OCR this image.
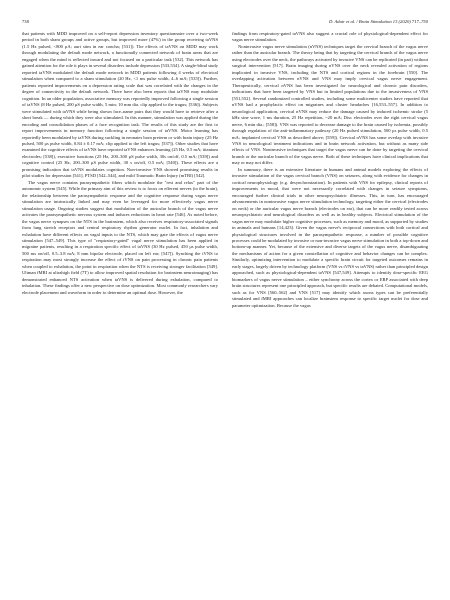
738	D. Adair et al. / Brain Stimulation 13 (2020) 717–750

that patients with MDD improved on a self-report depression inventory questionnaire over a two-week period in both sham groups and active groups, but improved more (47%) in the group receiving taVNS (1.5 Hz pulsed, <800 μA; auri stim in ear concha; [531]). The effects of taVNS on MDD may work through modulating the default mode network, a functionally connected network of brain areas that are engaged when the mind is reflected inward and not focused on a particular task [532]. This network has gained attention for the role it plays in several disorders include depression [533,534]. A single-blind study reported taVNS modulated the default mode network in MDD patients following 4 weeks of electrical stimulation when compared to a sham stimulation (20 Hz, <1 ms pulse width, 4–6 mA; [535]). Further, patients reported improvements on a depression rating scale that was correlated with the changes in the degree of connectivity in the default network. There have also been reports that taVNS may modulate cognition. In an older population, associative memory was reportedly improved following a single session of taVNS (8 Hz pulsed, 200 μS pulse width, 5 min; 10 mm dia. clip applied to the tragus; [536]). Subjects were stimulated with taVNS while being shown face–name pairs that they would have to retrieve after a short break — during which they were also stimulated. In this manner, stimulation was applied during the encoding and consolidation phases of a face recognition task. The results of this study are the first to report improvements in memory function following a single session of taVNS. Motor learning has reportedly been modulated by taVNS during suckling in neonates born preterm or with brain injury (25 Hz pulsed, 500 μs pulse width, 0.84 ± 0.17 mA; clip applied to the left tragus; [537]). Other studies that have examined the cognitive effects of taVNS have reported taVNS enhances learning (25 Hz, 0.5 mA; titanium electrodes; [538]), executive functions (25 Hz, 200–300 μS pulse width, 30s on/off, 0.5 mA; [539]) and cognitive control (25 Hz, 200–300 μS pulse width, 30 s on/off, 0.5 mA; [540]). These effects are a promising indication that taVNS modulates cognition. Non-invasive VNS showed promising results in pilot studies for depression [541], PTSD [542–544], and mild Traumatic Brain Injury (mTBI) [542].

The vagus nerve contains parasympathetic fibers which modulate the "rest and relax" part of the autonomic system [545]. While the primary aim of this review is to focus on efferent nerves (to the brain), the relationship between the parasympathetic response and the cognitive response during vagus nerve stimulation are intrinsically linked and may even be leveraged for more effectively vagus nerve stimulation usage. Ongoing studies suggest that modulation of the auricular branch of the vagus nerve activates the parasympathetic nervous system and induces reductions in heart rate [546]. As noted before, the vagus nerve synapses on the NTS in the brainstem, which also receives respiratory-associated signals from lung stretch receptors and central respiratory rhythm generator nuclei. In fact, inhalation and exhalation have different effects on vagal inputs to the NTS, which may gate the effects of vagus nerve stimulation [547–549]. This type of "respiratory-gated" vagal nerve stimulation has been applied in migraine patients, resulting in a respiration specific effect of taVNS (30 Hz pulsed, 450 μs pulse width, 500 ms on/off, 0.5–3.8 mA; 8 mm bipolar electrode, placed on left ear; [547]). Synching the tVNS to respiration may most strongly increase the effect of tVNS on pain processing in chronic pain patients when coupled to exhalation, the point in respiration when the NTS is receiving stronger facilitation [549]. Ultman fMRI at ultrahigh field (7T) to allow improved spatial resolution for brainstem neuroimaging) has demonstrated enhanced NTS activation when taVNS is delivered during exhalation, compared to inhalation. These findings offer a new perspective on dose optimization. Most commonly researchers vary electrode placement and waveform in order to determine an optimal dose. However, the

findings from respiratory-gated taVNS also suggest a crucial role of physiological-dependent effect for vagus nerve stimulation.

Noninvasive vagus nerve stimulation (nVNS) techniques target the cervical branch of the vagus nerve rather than the auricular branch. The theory being that by targeting the cervical branch of the vagus nerve using electrodes over the neck, the pathways activated by invasive VNS can be replicated (in part) without surgical intervention [517]. Brain imaging during nVNS over the neck revealed activation of regions implicated in invasive VNS, including the NTS and cortical regions in the forebrain [550]. The overlapping activation between nVNS and VNS may imply cervical vagus nerve engagement. Therapeutically, cervical nVNS has been investigated for neurological and chronic pain disorders, indications that have been targeted by VNS but in limited populations due to the invasiveness of VNS [551,552]. Several randomized controlled studies, including some multicenter studies have reported that nVNS had a prophylactic effect on migraines and cluster headaches [16,553–557]. In addition to neurological application, cervical nVNS may reduce the damage caused by induced ischemic stroke (5 kHz sine wave, 1 ms duration, 25 Hz repetition, ~20 mA; Disc electrodes over the right cervical vagus nerve, 6 min dia.; [558]). VNS was reported to decrease damage to the brain caused by ischemia, possibly through regulation of the anti-inflammatory pathway (20 Hz pulsed stimulation, 500 μs pulse width, 0.5 mA; implanted cervical VNS as described above; [559]). Cervical nVNS has some overlap with invasive VNS in neurological treatment indications and in brain network activation, but without as many side effects of VNS. Noninvasive techniques that target the vagus nerve can be done by targeting the cervical branch or the auricular branch of the vagus nerve. Both of these techniques have clinical implications that may or may not differ.

In summary, there is an extensive literature in humans and animal models exploring the effects of invasive stimulation of the vagus cervical branch (VNS) on seizures, along with evidence for changes in cortical neurophysiology (e.g. desynchronization). In patients with VNS for epilepsy, clinical reports of improvements in mood, that were not necessarily correlated with changes in seizure symptoms, encouraged further clinical trials in other neuropsychiatric illnesses. This, in turn, has encouraged advancements in noninvasive vagus nerve stimulation technology, targeting either the cervical (electrodes on neck) or the auricular vagus nerve branch (electrodes on ear), that can be more readily tested across neuropsychiatric and neurological disorders as well as in healthy subjects. Electrical stimulation of the vagus nerve may modulate higher cognitive processes, such as memory and mood, as supported by studies in animals and humans [14,423]. Given the vagus nerve's reciprocal connections with both cortical and physiological structures involved in the parasympathetic response, a number of possible cognitive processes could be modulated by invasive or non-invasive vagus nerve stimulation in both a top-down and bottom-up manner. Yet, because of the extensive and diverse targets of the vagus nerve, disambiguating the mechanisms of action for a given constellation of cognitive and behavior changes can be complex. Similarly, optimizing intervention to modulate a specific brain circuit for targeted outcomes remains in early stages, largely driven by technology platform (VNS vs tVNS vs taVNS) rather than principled design approached, such as physiological-dependent taVNS [547,549]. Attempts to identify dose-specific EEG biomarkers of vagus nerve stimulation – either synchrony across the cortex or ERP associated with deep brain structures represent one principled approach, but specific results are debated. Computational models, such as for VNS [560–562] and VNS [517] may identify which axons types can be preferentially stimulated and fMRI approaches can localize brainstem response to specific target nuclei for dose and parameter optimization. Because the vagus
